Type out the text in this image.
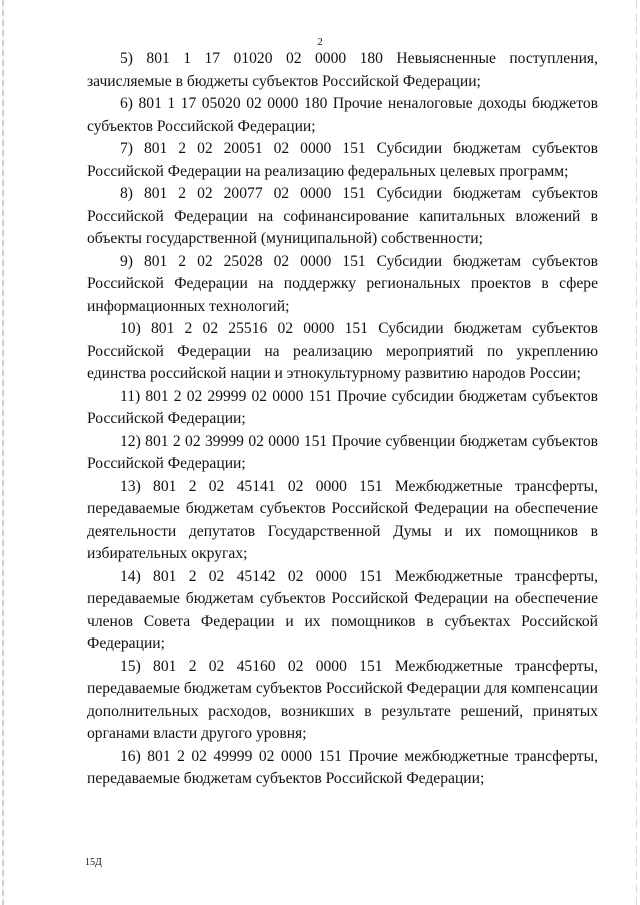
2

5) 801 1 17 01020 02 0000 180 Невыясненные поступления, зачисляемые в бюджеты субъектов Российской Федерации;

6) 801 1 17 05020 02 0000 180 Прочие неналоговые доходы бюджетов субъектов Российской Федерации;

7) 801 2 02 20051 02 0000 151 Субсидии бюджетам субъектов Российской Федерации на реализацию федеральных целевых программ;

8) 801 2 02 20077 02 0000 151 Субсидии бюджетам субъектов Российской Федерации на софинансирование капитальных вложений в объекты государственной (муниципальной) собственности;

9) 801 2 02 25028 02 0000 151 Субсидии бюджетам субъектов Российской Федерации на поддержку региональных проектов в сфере информационных технологий;

10) 801 2 02 25516 02 0000 151 Субсидии бюджетам субъектов Российской Федерации на реализацию мероприятий по укреплению единства российской нации и этнокультурному развитию народов России;

11) 801 2 02 29999 02 0000 151 Прочие субсидии бюджетам субъектов Российской Федерации;

12) 801 2 02 39999 02 0000 151 Прочие субвенции бюджетам субъектов Российской Федерации;

13) 801 2 02 45141 02 0000 151 Межбюджетные трансферты, передаваемые бюджетам субъектов Российской Федерации на обеспечение деятельности депутатов Государственной Думы и их помощников в избирательных округах;

14) 801 2 02 45142 02 0000 151 Межбюджетные трансферты, передаваемые бюджетам субъектов Российской Федерации на обеспечение членов Совета Федерации и их помощников в субъектах Российской Федерации;

15) 801 2 02 45160 02 0000 151 Межбюджетные трансферты, передаваемые бюджетам субъектов Российской Федерации для компенсации дополнительных расходов, возникших в результате решений, принятых органами власти другого уровня;

16) 801 2 02 49999 02 0000 151 Прочие межбюджетные трансферты, передаваемые бюджетам субъектов Российской Федерации;

15Д
